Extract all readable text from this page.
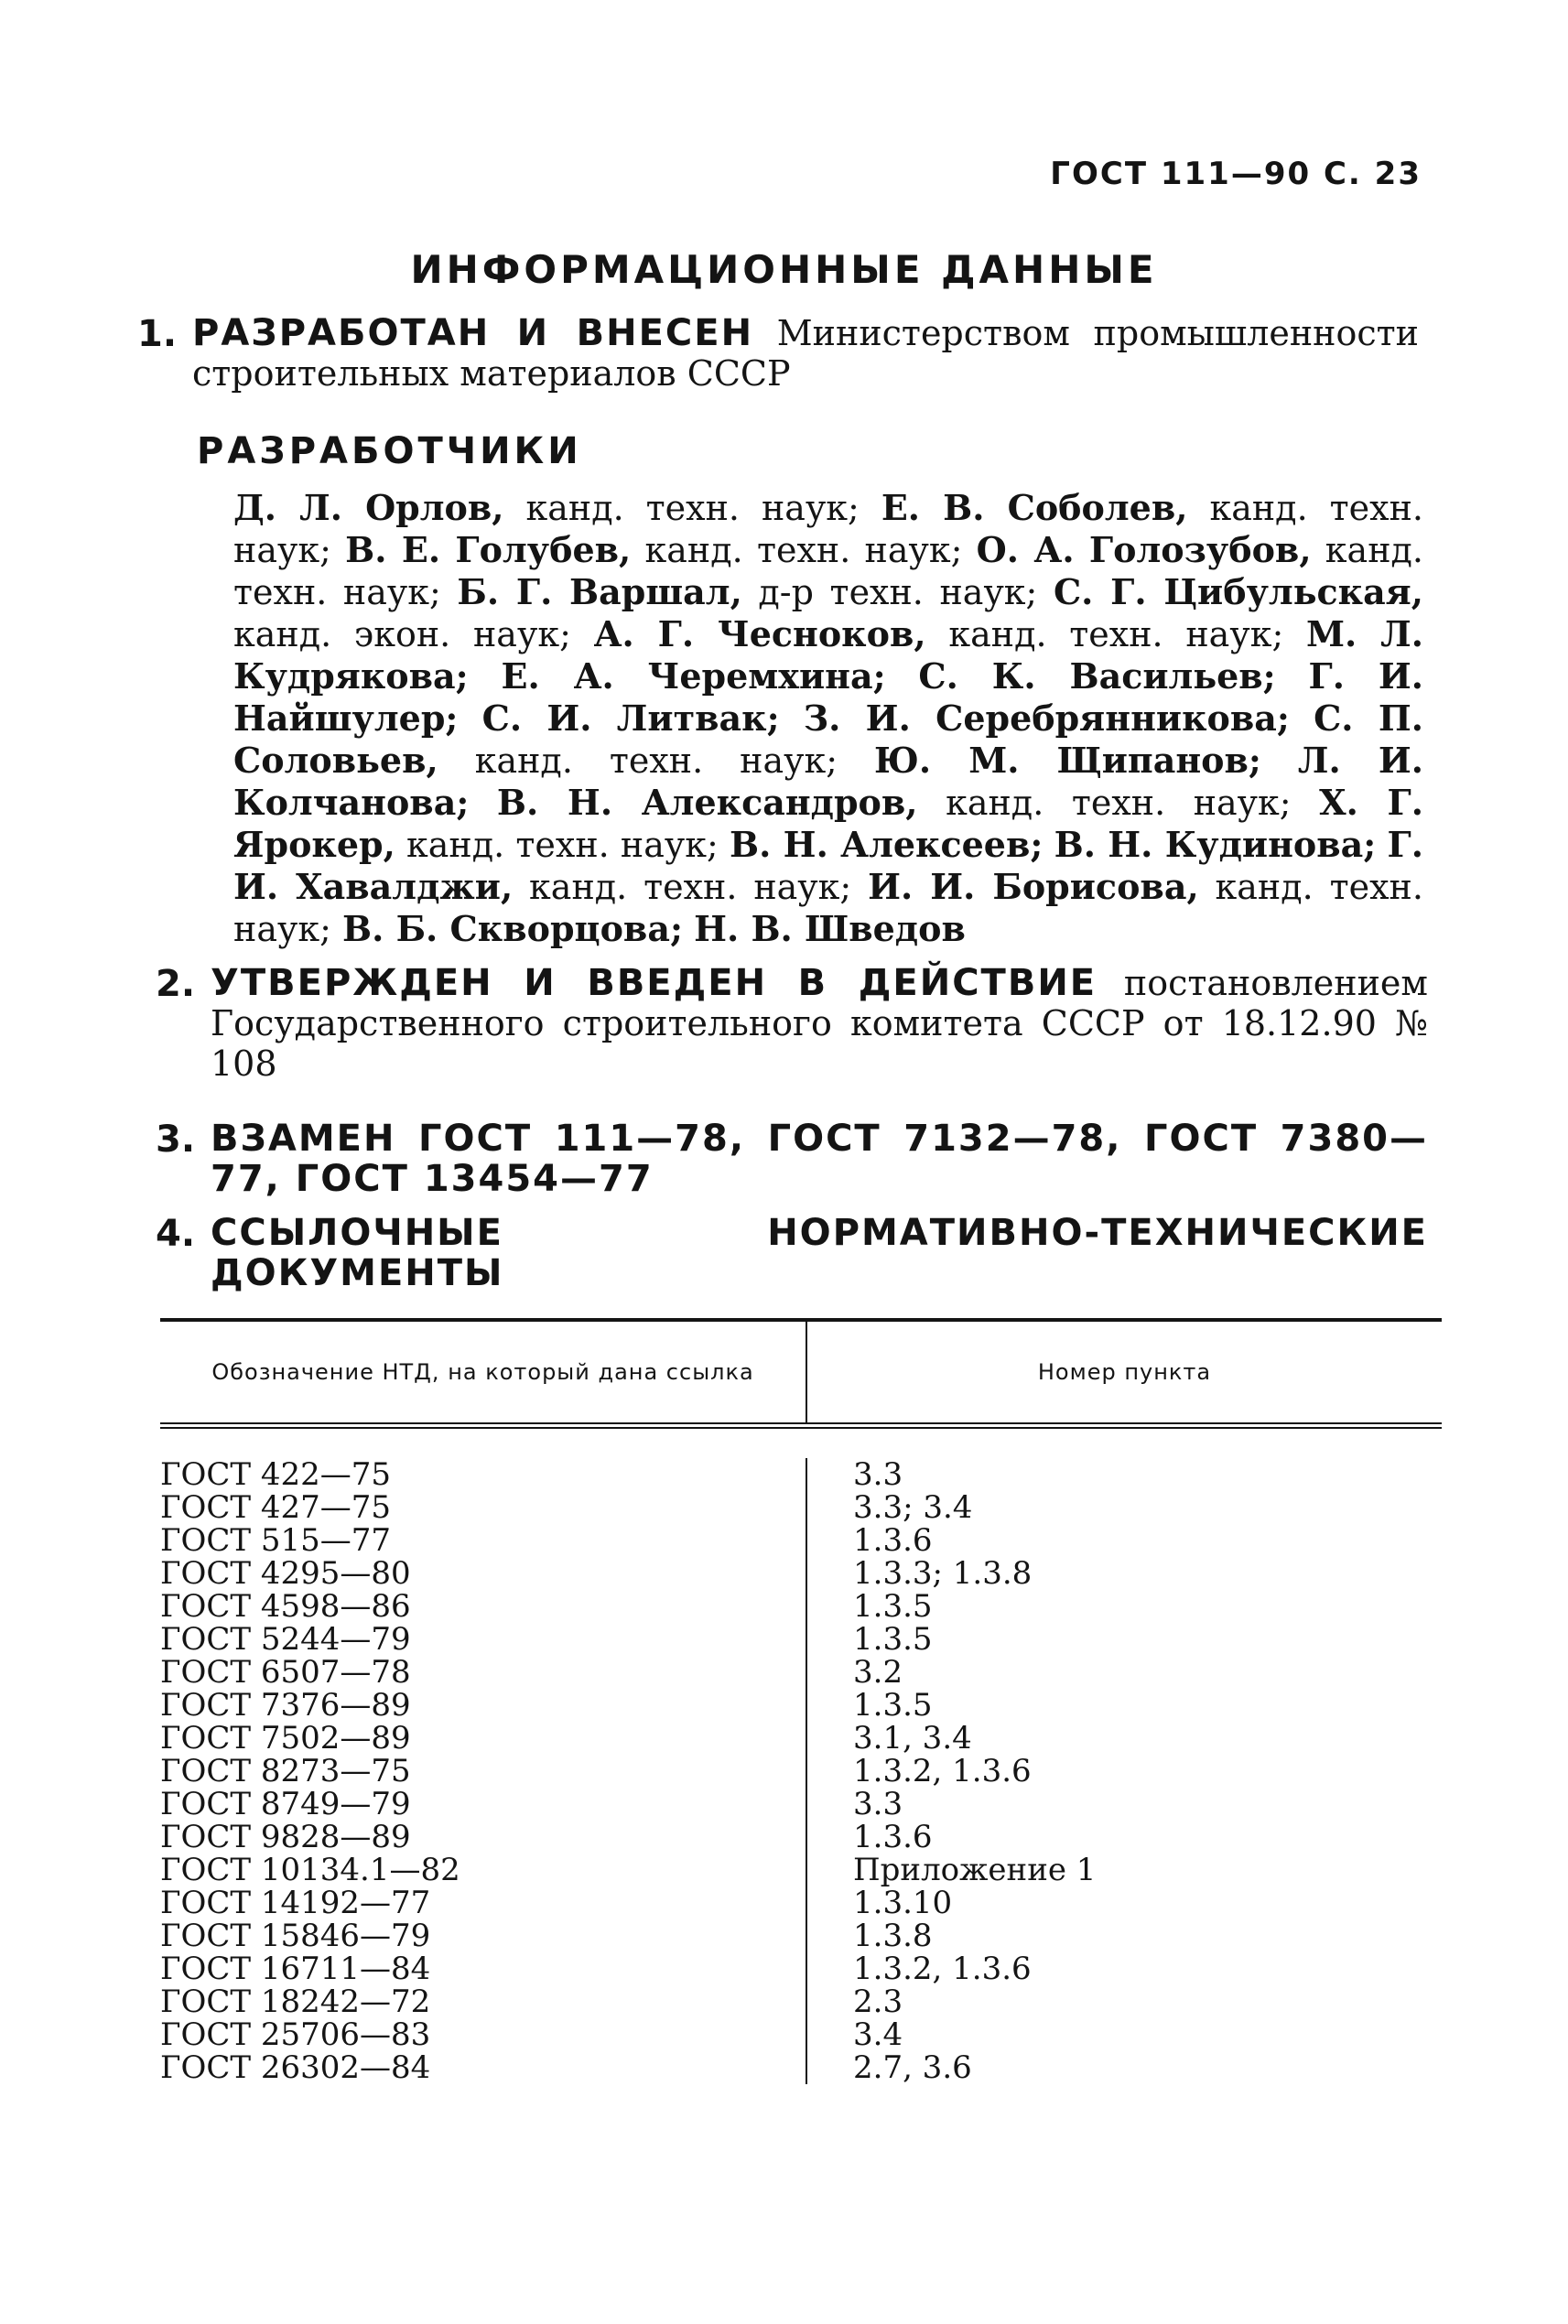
ГОСТ 111—90 С. 23
ИНФОРМАЦИОННЫЕ ДАННЫЕ
1. РАЗРАБОТАН И ВНЕСЕН Министерством промышленности строительных материалов СССР
РАЗРАБОТЧИКИ
Д. Л. Орлов, канд. техн. наук; Е. В. Соболев, канд. техн. наук; В. Е. Голубев, канд. техн. наук; О. А. Голозубов, канд. техн. наук; Б. Г. Варшал, д-р техн. наук; С. Г. Цибульская, канд. экон. наук; А. Г. Чесноков, канд. техн. наук; М. Л. Кудрякова; Е. А. Черемхина; С. К. Васильев; Г. И. Найшулер; С. И. Литвак; З. И. Серебрянникова; С. П. Соловьев, канд. техн. наук; Ю. М. Щипанов; Л. И. Колчанова; В. Н. Александров, канд. техн. наук; Х. Г. Ярокер, канд. техн. наук; В. Н. Алексеев; В. Н. Кудинова; Г. И. Хавалджи, канд. техн. наук; И. И. Борисова, канд. техн. наук; В. Б. Скворцова; Н. В. Шведов
2. УТВЕРЖДЕН И ВВЕДЕН В ДЕЙСТВИЕ постановлением Государственного строительного комитета СССР от 18.12.90 № 108
3. ВЗАМЕН ГОСТ 111—78, ГОСТ 7132—78, ГОСТ 7380—77, ГОСТ 13454—77
4. ССЫЛОЧНЫЕ НОРМАТИВНО-ТЕХНИЧЕСКИЕ ДОКУМЕНТЫ
Обозначение НТД, на который дана ссылка	Номер пункта
ГОСТ 422—75
ГОСТ 427—75
ГОСТ 515—77
ГОСТ 4295—80
ГОСТ 4598—86
ГОСТ 5244—79
ГОСТ 6507—78
ГОСТ 7376—89
ГОСТ 7502—89
ГОСТ 8273—75
ГОСТ 8749—79
ГОСТ 9828—89
ГОСТ 10134.1—82
ГОСТ 14192—77
ГОСТ 15846—79
ГОСТ 16711—84
ГОСТ 18242—72
ГОСТ 25706—83
ГОСТ 26302—84
3.3
3.3; 3.4
1.3.6
1.3.3; 1.3.8
1.3.5
1.3.5
3.2
1.3.5
3.1, 3.4
1.3.2, 1.3.6
3.3
1.3.6
Приложение 1
1.3.10
1.3.8
1.3.2, 1.3.6
2.3
3.4
2.7, 3.6
